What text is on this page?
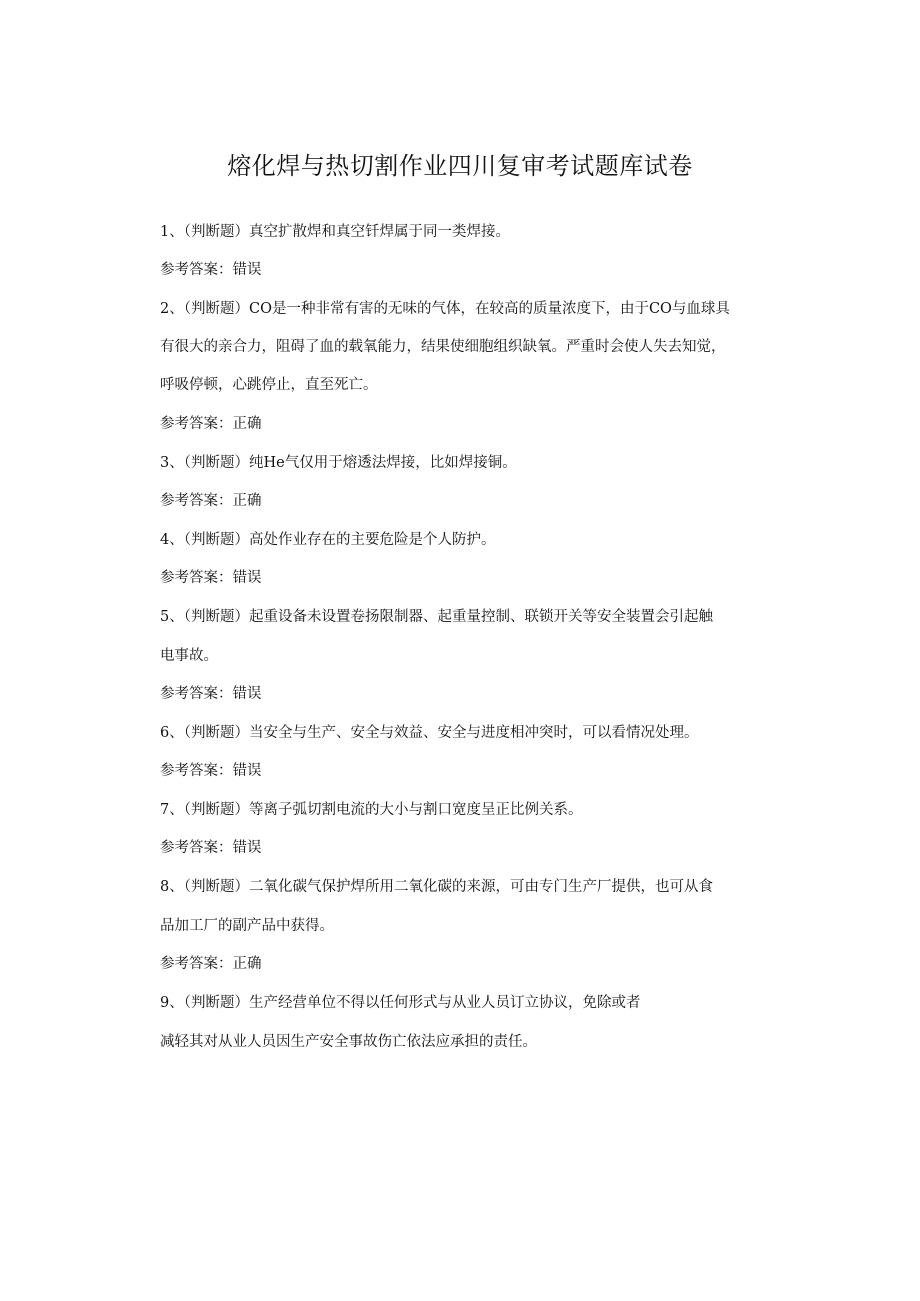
熔化焊与热切割作业四川复审考试题库试卷
1、（判断题）真空扩散焊和真空钎焊属于同一类焊接。
参考答案：错误
2、（判断题）CO是一种非常有害的无味的气体，在较高的质量浓度下，由于CO与血球具
有很大的亲合力，阻碍了血的载氧能力，结果使细胞组织缺氧。严重时会使人失去知觉，
呼吸停顿，心跳停止，直至死亡。
参考答案：正确
3、（判断题）纯He气仅用于熔透法焊接，比如焊接铜。
参考答案：正确
4、（判断题）高处作业存在的主要危险是个人防护。
参考答案：错误
5、（判断题）起重设备未设置卷扬限制器、起重量控制、联锁开关等安全装置会引起触
电事故。
参考答案：错误
6、（判断题）当安全与生产、安全与效益、安全与进度相冲突时，可以看情况处理。
参考答案：错误
7、（判断题）等离子弧切割电流的大小与割口宽度呈正比例关系。
参考答案：错误
8、（判断题）二氧化碳气保护焊所用二氧化碳的来源，可由专门生产厂提供，也可从食
品加工厂的副产品中获得。
参考答案：正确
9、（判断题）生产经营单位不得以任何形式与从业人员订立协议，免除或者
减轻其对从业人员因生产安全事故伤亡依法应承担的责任。
